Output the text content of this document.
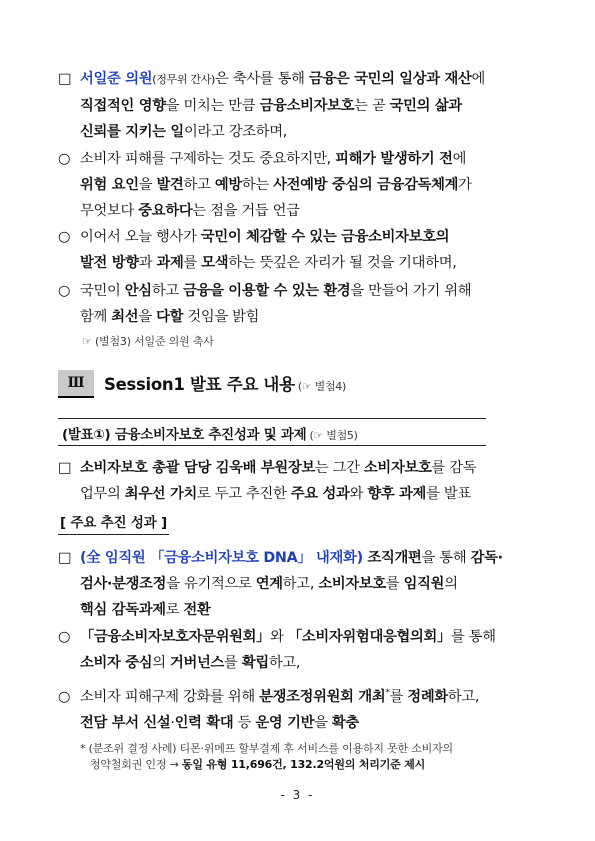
□ 서일준 의원(정무위 간사)은 축사를 통해 금융은 국민의 일상과 재산에
직접적인 영향을 미치는 만큼 금융소비자보호는 곧 국민의 삶과
신뢰를 지키는 일이라고 강조하며,
○ 소비자 피해를 구제하는 것도 중요하지만, 피해가 발생하기 전에
위험 요인을 발견하고 예방하는 사전예방 중심의 금융감독체계가
무엇보다 중요하다는 점을 거듭 언급
○ 이어서 오늘 행사가 국민이 체감할 수 있는 금융소비자보호의
발전 방향과 과제를 모색하는 뜻깊은 자리가 될 것을 기대하며,
○ 국민이 안심하고 금융을 이용할 수 있는 환경을 만들어 가기 위해
함께 최선을 다할 것임을 밝힘
☞ (별첨3) 서일준 의원 축사
Ⅲ	Session1 발표 주요 내용 (☞ 별첨4)
(발표①) 금융소비자보호 추진성과 및 과제 (☞ 별첨5)
□ 소비자보호 총괄 담당 김욱배 부원장보는 그간 소비자보호를 감독
업무의 최우선 가치로 두고 추진한 주요 성과와 향후 과제를 발표
[ 주요 추진 성과 ]
□ (全 임직원 「금융소비자보호 DNA」 내재화) 조직개편을 통해 감독·
검사·분쟁조정을 유기적으로 연계하고, 소비자보호를 임직원의
핵심 감독과제로 전환
○ 「금융소비자보호자문위원회」와 「소비자위험대응협의회」를 통해
소비자 중심의 거버넌스를 확립하고,
○ 소비자 피해구제 강화를 위해 분쟁조정위원회 개최*를 정례화하고,
전담 부서 신설·인력 확대 등 운영 기반을 확충
* (분조위 결정 사례) 티몬·위메프 할부결제 후 서비스를 이용하지 못한 소비자의
청약철회권 인정 → 동일 유형 11,696건, 132.2억원의 처리기준 제시
- 3 -
